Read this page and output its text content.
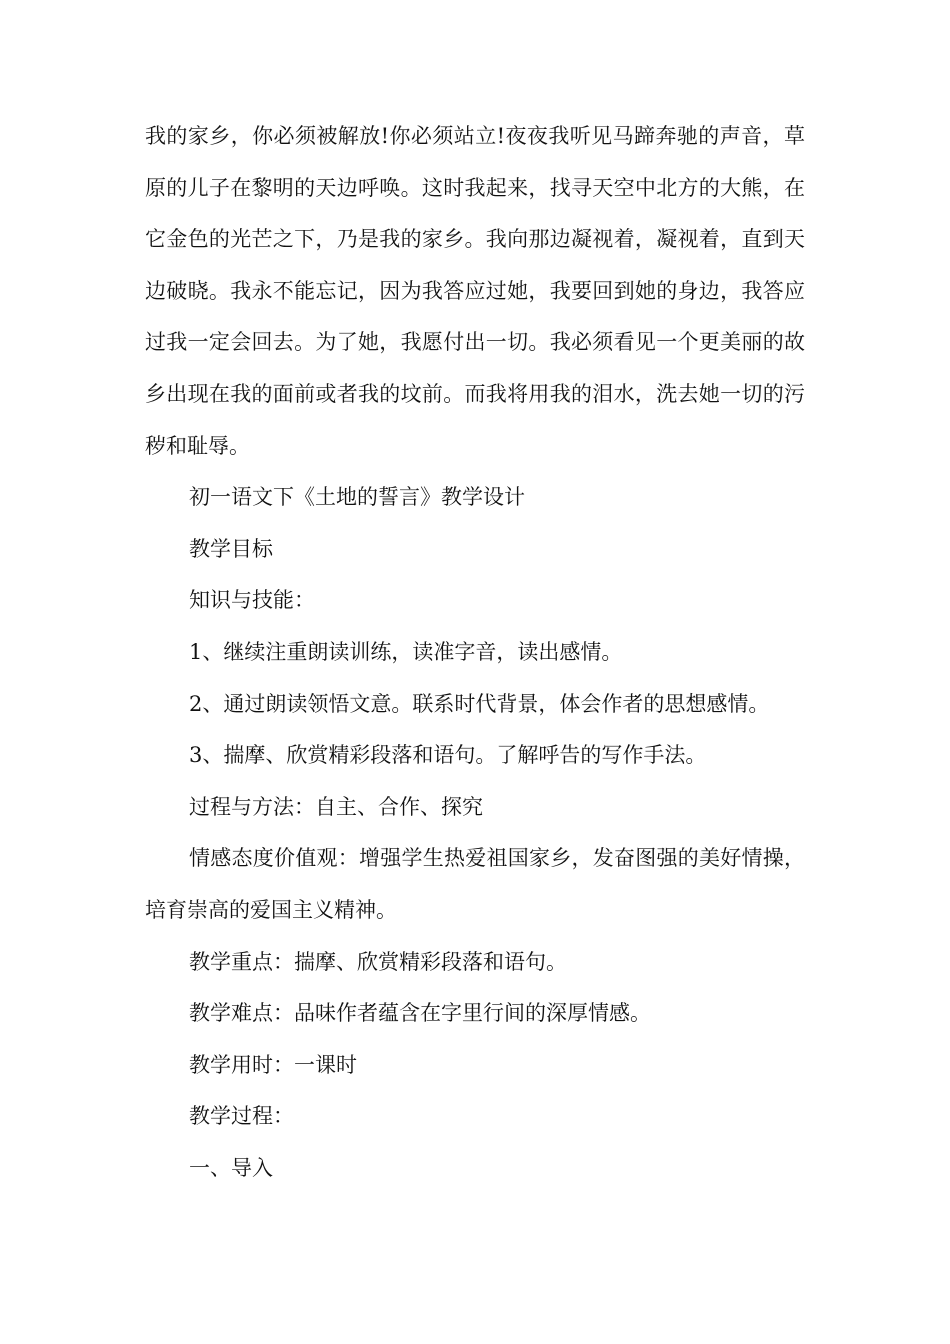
我的家乡，你必须被解放!你必须站立!夜夜我听见马蹄奔驰的声音，草原的儿子在黎明的天边呼唤。这时我起来，找寻天空中北方的大熊，在它金色的光芒之下，乃是我的家乡。我向那边凝视着，凝视着，直到天边破晓。我永不能忘记，因为我答应过她，我要回到她的身边，我答应过我一定会回去。为了她，我愿付出一切。我必须看见一个更美丽的故乡出现在我的面前或者我的坟前。而我将用我的泪水，洗去她一切的污秽和耻辱。

初一语文下《土地的誓言》教学设计

教学目标

知识与技能：

1、继续注重朗读训练，读准字音，读出感情。

2、通过朗读领悟文意。联系时代背景，体会作者的思想感情。

3、揣摩、欣赏精彩段落和语句。了解呼告的写作手法。

过程与方法：自主、合作、探究

情感态度价值观：增强学生热爱祖国家乡，发奋图强的美好情操，培育崇高的爱国主义精神。

教学重点：揣摩、欣赏精彩段落和语句。

教学难点：品味作者蕴含在字里行间的深厚情感。

教学用时：一课时

教学过程：

一、导入
